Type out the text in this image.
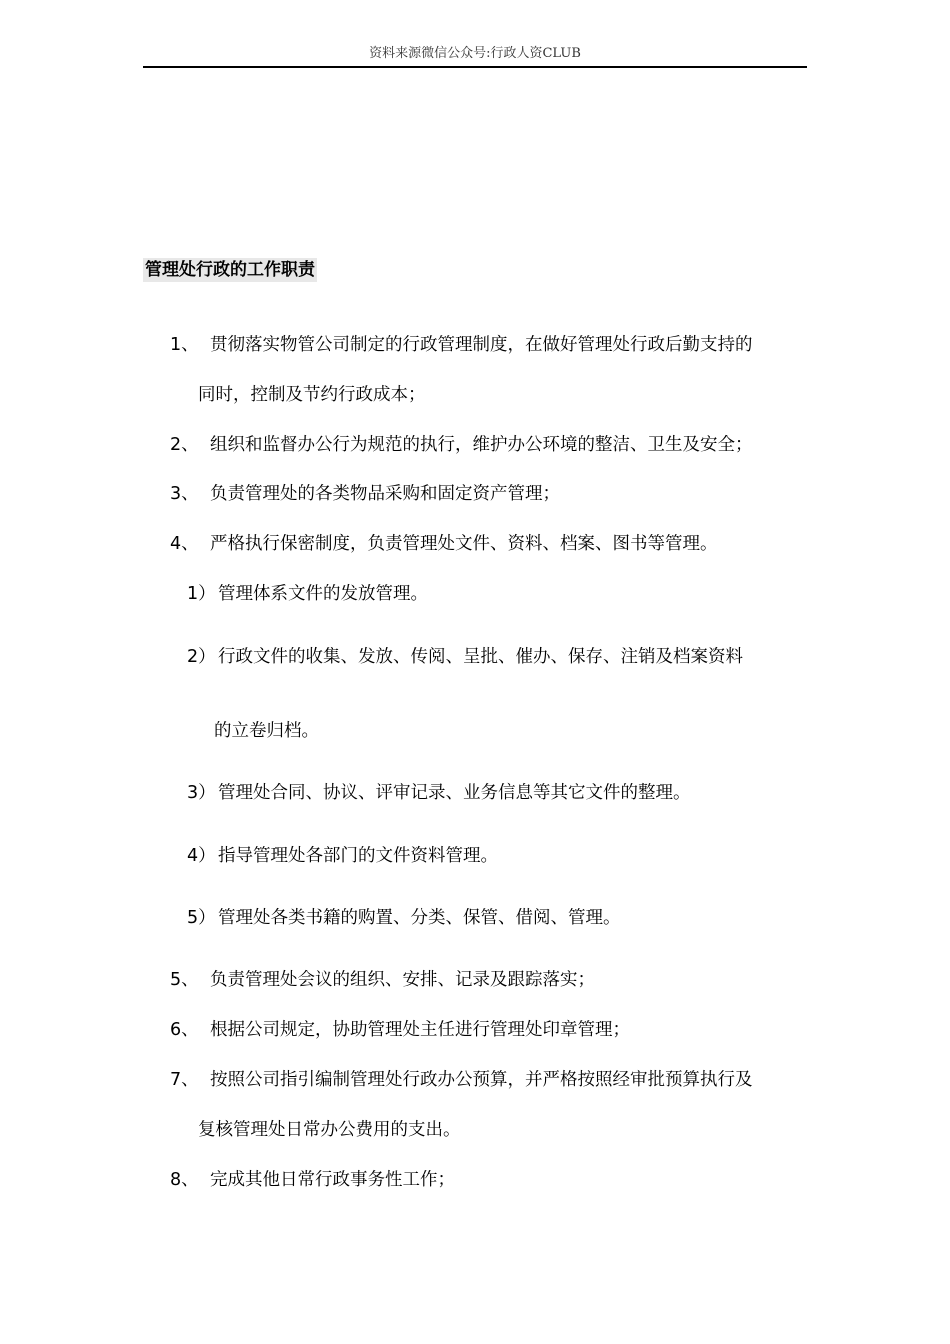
资料来源微信公众号:行政人资CLUB
管理处行政的工作职责
1、 贯彻落实物管公司制定的行政管理制度，在做好管理处行政后勤支持的
同时，控制及节约行政成本；
2、 组织和监督办公行为规范的执行，维护办公环境的整洁、卫生及安全；
3、 负责管理处的各类物品采购和固定资产管理；
4、 严格执行保密制度，负责管理处文件、资料、档案、图书等管理。
1） 管理体系文件的发放管理。
2） 行政文件的收集、发放、传阅、呈批、催办、保存、注销及档案资料
的立卷归档。
3） 管理处合同、协议、评审记录、业务信息等其它文件的整理。
4） 指导管理处各部门的文件资料管理。
5） 管理处各类书籍的购置、分类、保管、借阅、管理。
5、 负责管理处会议的组织、安排、记录及跟踪落实；
6、 根据公司规定，协助管理处主任进行管理处印章管理；
7、 按照公司指引编制管理处行政办公预算，并严格按照经审批预算执行及
复核管理处日常办公费用的支出。
8、 完成其他日常行政事务性工作；
